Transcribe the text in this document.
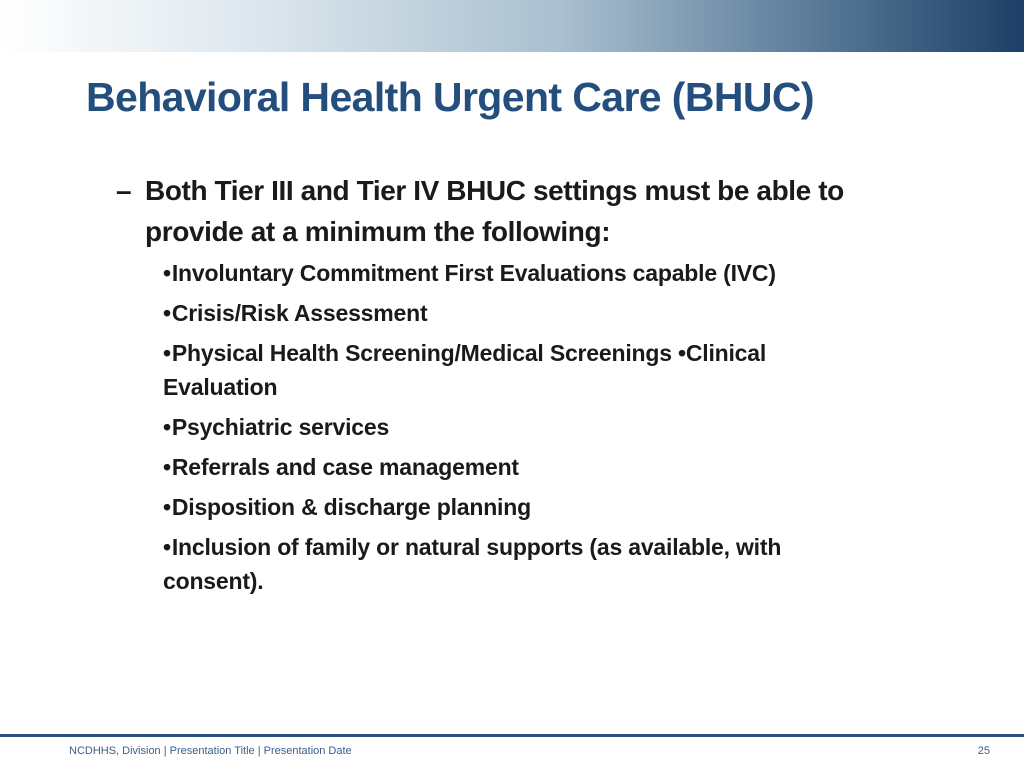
Behavioral Health Urgent Care (BHUC)
– Both Tier III and Tier IV BHUC settings must be able to provide at a minimum the following:
•Involuntary Commitment First Evaluations capable (IVC)
•Crisis/Risk Assessment
•Physical Health Screening/Medical Screenings •Clinical Evaluation
•Psychiatric services
•Referrals and case management
•Disposition & discharge planning
•Inclusion of family or natural supports (as available, with consent).
NCDHHS, Division | Presentation Title | Presentation Date	25
